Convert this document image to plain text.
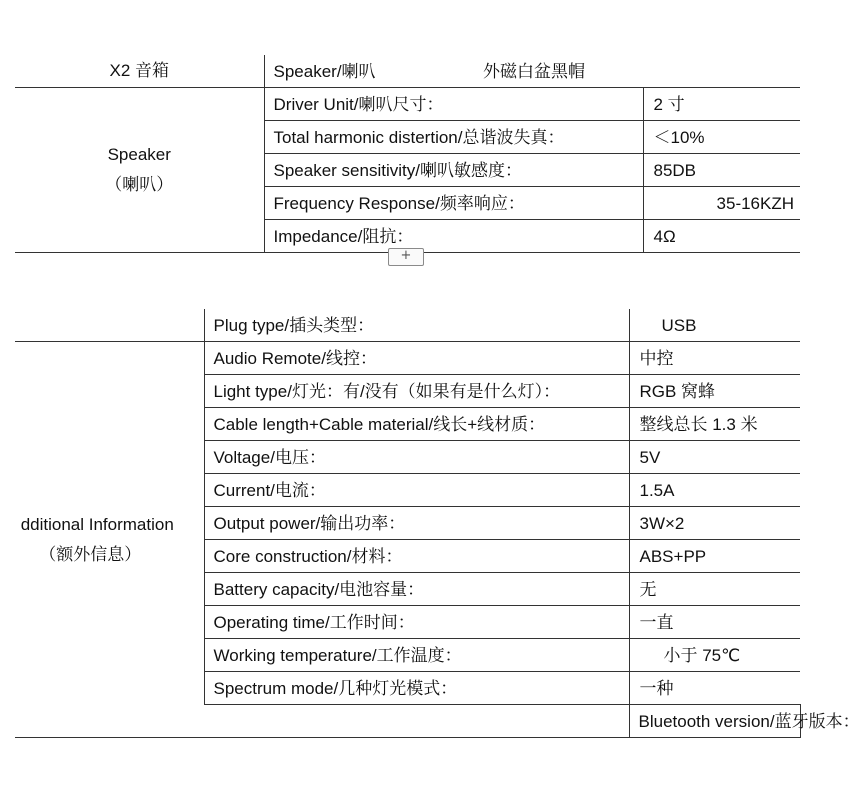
X2 音箱	Speaker/喇叭 外磁白盆黑帽	

Speaker
（喇叭）	Driver Unit/喇叭尺寸：	2 寸
	Total harmonic distertion/总谐波失真：	＜10%
	Speaker sensitivity/喇叭敏感度：	85DB
	Frequency Response/频率响应：	35-16KZH
	Impedance/阻抗：	4Ω
+
	Plug type/插头类型：	USB	

dditional Information
（额外信息）	Audio Remote/线控：	中控	
	Light type/灯光：有/没有（如果有是什么灯）：	RGB 窝蜂	
	Cable length+Cable material/线长+线材质：	整线总长 1.3 米	
	Voltage/电压：	5V	
	Current/电流：	1.5A	
	Output power/输出功率：	3W×2	
	Core construction/材料：	ABS+PP	
	Battery capacity/电池容量：	无	
	Operating time/工作时间：	一直	
	Working temperature/工作温度：	小于 75℃	
	Spectrum mode/几种灯光模式：	一种	
		Bluetooth version/蓝牙版本：	
